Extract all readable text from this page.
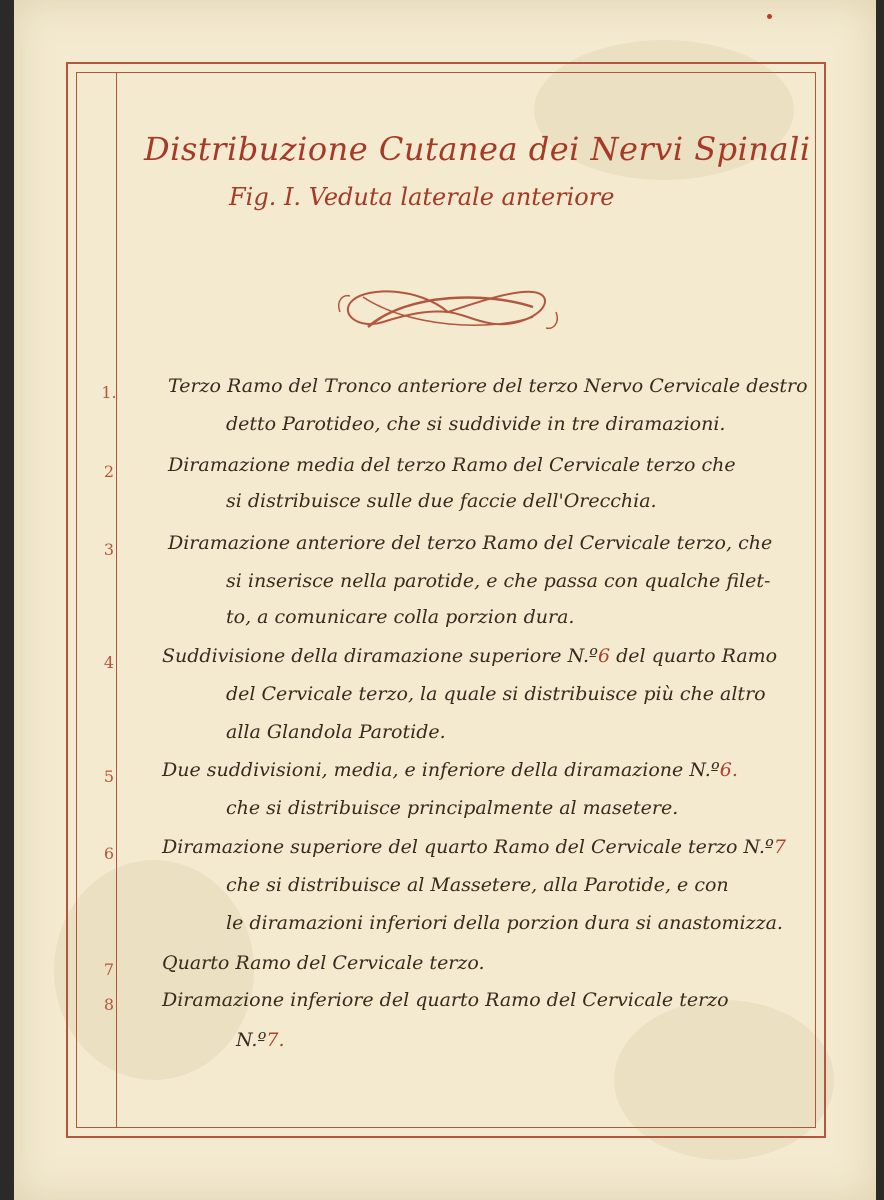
Distribuzione Cutanea dei Nervi Spinali
Fig. I. Veduta laterale anteriore
1.	Terzo Ramo del Tronco anteriore del terzo Nervo Cervicale destro
detto Parotideo, che si suddivide in tre diramazioni.
2	Diramazione media del terzo Ramo del Cervicale terzo che
si distribuisce sulle due faccie dell'Orecchia.
3	Diramazione anteriore del terzo Ramo del Cervicale terzo, che
si inserisce nella parotide, e che passa con qualche filet-
to, a comunicare colla porzion dura.
4	Suddivisione della diramazione superiore N.º6 del quarto Ramo
del Cervicale terzo, la quale si distribuisce più che altro
alla Glandola Parotide.
5	Due suddivisioni, media, e inferiore della diramazione N.º6.
che si distribuisce principalmente al masetere.
6	Diramazione superiore del quarto Ramo del Cervicale terzo N.º7
che si distribuisce al Massetere, alla Parotide, e con
le diramazioni inferiori della porzion dura si anastomizza.
7	Quarto Ramo del Cervicale terzo.
8	Diramazione inferiore del quarto Ramo del Cervicale terzo
N.º7.
